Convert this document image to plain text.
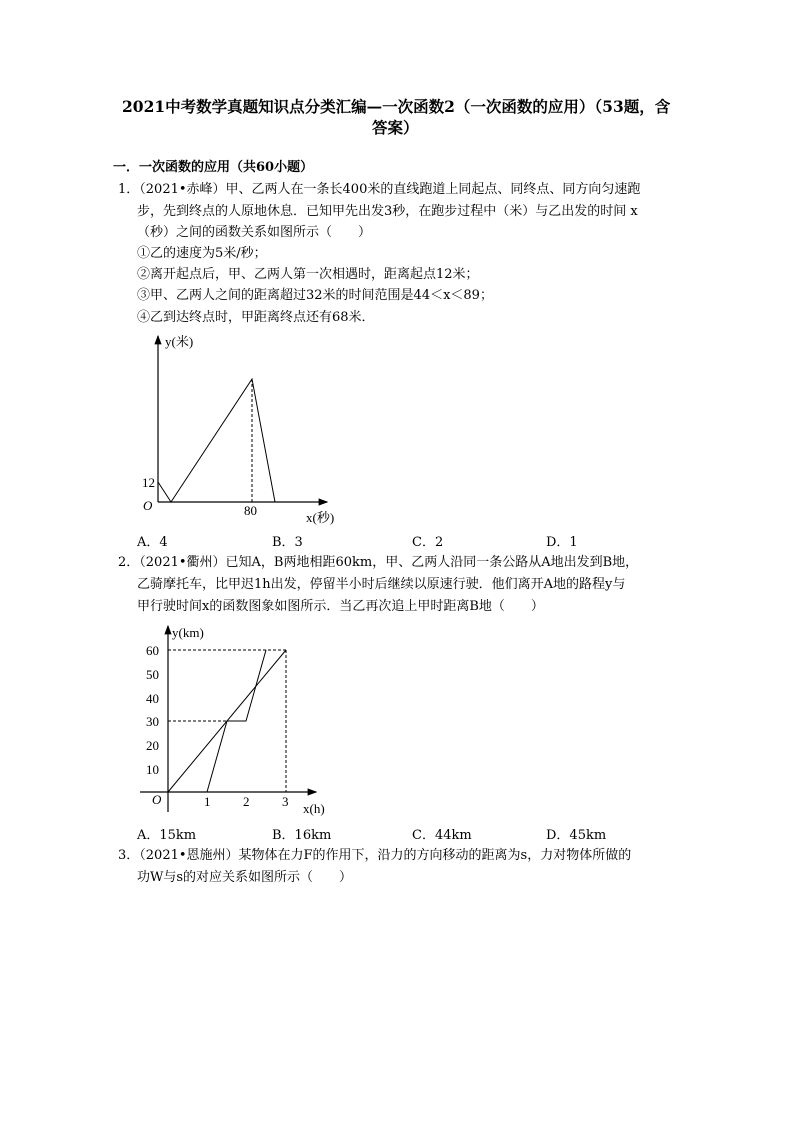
2021中考数学真题知识点分类汇编—一次函数2（一次函数的应用）（53题，含
答案）
一．一次函数的应用（共60小题）
1．（2021•赤峰）甲、乙两人在一条长400米的直线跑道上同起点、同终点、同方向匀速跑
步，先到终点的人原地休息．已知甲先出发3秒，在跑步过程中（米）与乙出发的时间 x
（秒）之间的函数关系如图所示（　　）
①乙的速度为5米/秒；
②离开起点后，甲、乙两人第一次相遇时，距离起点12米；
③甲、乙两人之间的距离超过32米的时间范围是44＜x＜89；
④乙到达终点时，甲距离终点还有68米．
y(米)
x(秒)
O
12
80
A．4	B．3	C．2	D．1
2．（2021•衢州）已知A，B两地相距60km，甲、乙两人沿同一条公路从A地出发到B地，
乙骑摩托车，比甲迟1h出发，停留半小时后继续以原速行驶．他们离开A地的路程y与
甲行驶时间x的函数图象如图所示．当乙再次追上甲时距离B地（　　）
y(km)
x(h)
O
10
20
30
40
50
60
1	2	3
A．15km	B．16km	C．44km	D．45km
3．（2021•恩施州）某物体在力F的作用下，沿力的方向移动的距离为s，力对物体所做的
功W与s的对应关系如图所示（　　）
